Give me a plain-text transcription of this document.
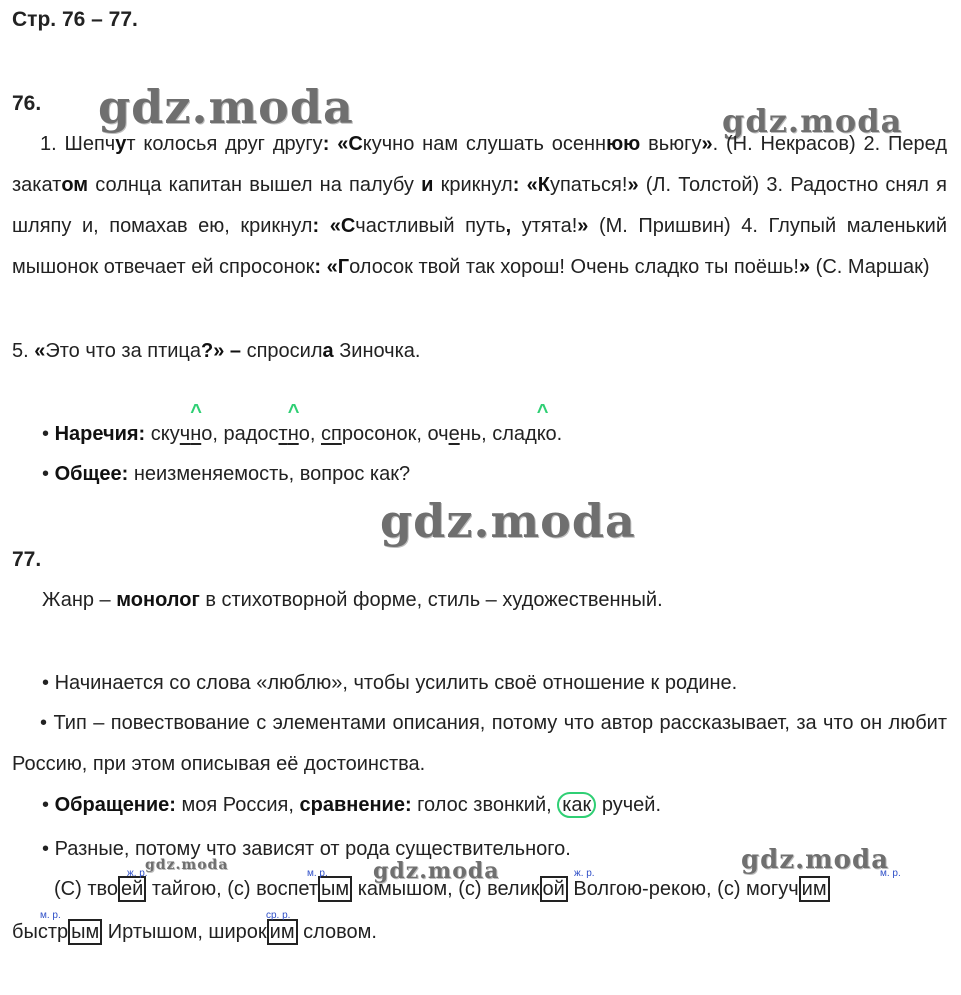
Стр. 76 – 77.
gdz.moda	gdz.moda
gdz.moda
gdz.moda	gdz.moda	gdz.moda
76.
1. Шепчут колосья друг другу: «Скучно нам слушать осеннюю вьюгу». (Н. Некрасов) 2. Перед закатом солнца капитан вышел на палубу и крикнул: «Купаться!» (Л. Толстой) 3. Радостно снял я шляпу и, помахав ею, крикнул: «Счастливый путь, утята!» (М. Пришвин) 4. Глупый маленький мышонок отвечает ей спросонок: «Голосок твой так хорош! Очень сладко ты поёшь!» (С. Маршак)
5. «Это что за птица?» – спросила Зиночка.
• Наречия: скучн
^
о, радостн
^
о, спросонок, очень, сладк
^
о.
• Общее: неизменяемость, вопрос как?
77.
Жанр – монолог в стихотворной форме, стиль – художественный.
• Начинается со слова «люблю», чтобы усилить своё отношение к родине.
• Тип – повествование с элементами описания, потому что автор рассказывает, за что он любит Россию, при этом описывая её достоинства.
• Обращение: моя Россия, сравнение: голос звонкий, как ручей.
• Разные, потому что зависят от рода существительного.
(С) тво ей тайгою, (с) воспет ым камышом, (с) велик ой Волгою-рекою, (с) могуч им
быстр ым Иртышом, широк им словом.
ж. р.	м. р.	ж. р.	м. р.
м. р.	ср. р.
